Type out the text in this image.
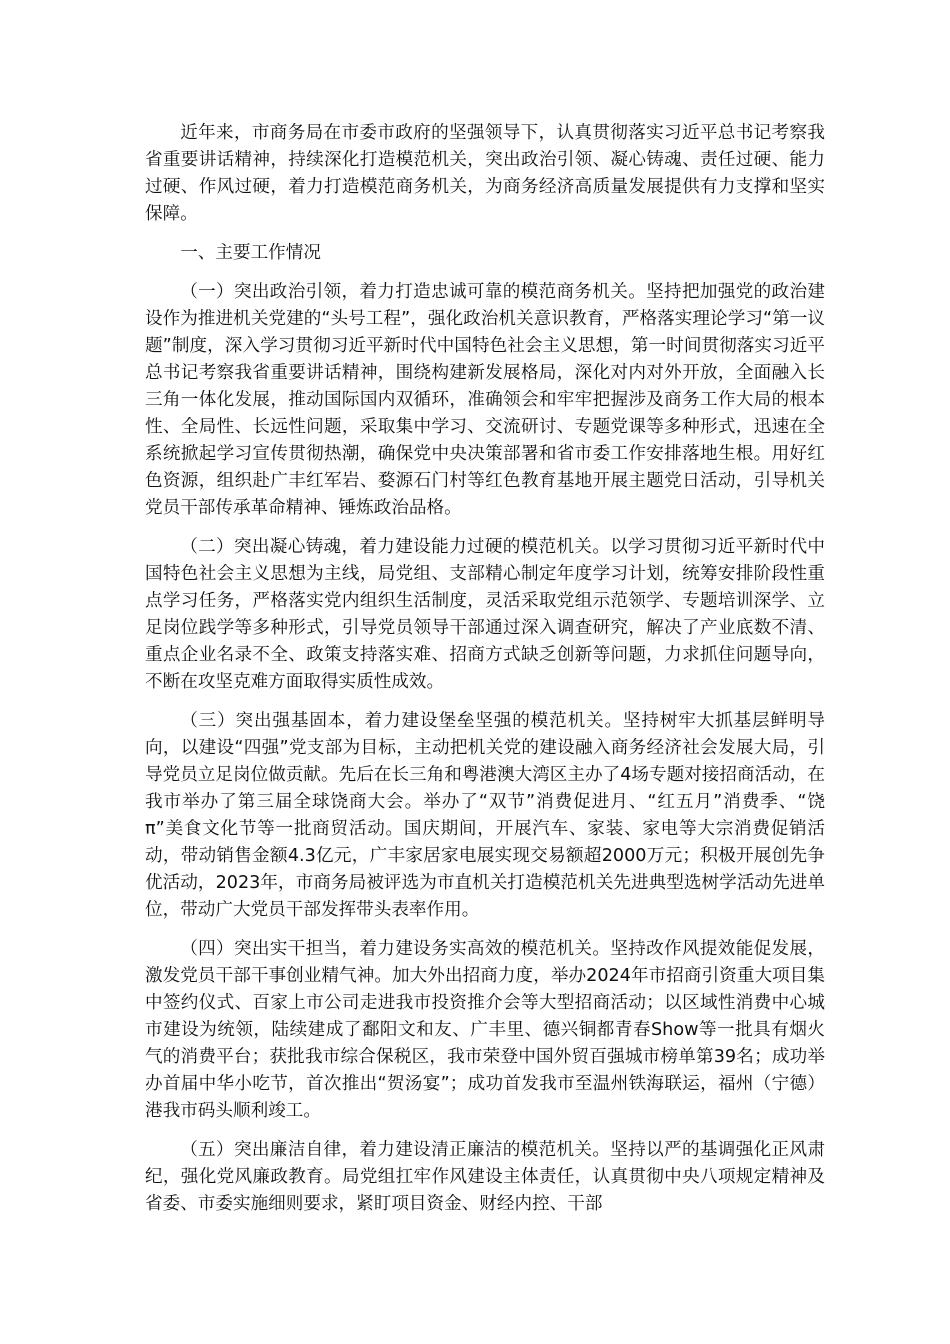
近年来，市商务局在市委市政府的坚强领导下，认真贯彻落实习近平总书记考察我省重要讲话精神，持续深化打造模范机关，突出政治引领、凝心铸魂、责任过硬、能力过硬、作风过硬，着力打造模范商务机关，为商务经济高质量发展提供有力支撑和坚实保障。

一、主要工作情况

（一）突出政治引领，着力打造忠诚可靠的模范商务机关。坚持把加强党的政治建设作为推进机关党建的“头号工程”，强化政治机关意识教育，严格落实理论学习“第一议题”制度，深入学习贯彻习近平新时代中国特色社会主义思想，第一时间贯彻落实习近平总书记考察我省重要讲话精神，围绕构建新发展格局，深化对内对外开放，全面融入长三角一体化发展，推动国际国内双循环，准确领会和牢牢把握涉及商务工作大局的根本性、全局性、长远性问题，采取集中学习、交流研讨、专题党课等多种形式，迅速在全系统掀起学习宣传贯彻热潮，确保党中央决策部署和省市委工作安排落地生根。用好红色资源，组织赴广丰红军岩、婺源石门村等红色教育基地开展主题党日活动，引导机关党员干部传承革命精神、锤炼政治品格。

（二）突出凝心铸魂，着力建设能力过硬的模范机关。以学习贯彻习近平新时代中国特色社会主义思想为主线，局党组、支部精心制定年度学习计划，统筹安排阶段性重点学习任务，严格落实党内组织生活制度，灵活采取党组示范领学、专题培训深学、立足岗位践学等多种形式，引导党员领导干部通过深入调查研究，解决了产业底数不清、重点企业名录不全、政策支持落实难、招商方式缺乏创新等问题，力求抓住问题导向，不断在攻坚克难方面取得实质性成效。

（三）突出强基固本，着力建设堡垒坚强的模范机关。坚持树牢大抓基层鲜明导向，以建设“四强”党支部为目标，主动把机关党的建设融入商务经济社会发展大局，引导党员立足岗位做贡献。先后在长三角和粤港澳大湾区主办了4场专题对接招商活动，在我市举办了第三届全球饶商大会。举办了“双节”消费促进月、“红五月”消费季、“饶π”美食文化节等一批商贸活动。国庆期间，开展汽车、家装、家电等大宗消费促销活动，带动销售金额4.3亿元，广丰家居家电展实现交易额超2000万元；积极开展创先争优活动，2023年，市商务局被评选为市直机关打造模范机关先进典型选树学活动先进单位，带动广大党员干部发挥带头表率作用。

（四）突出实干担当，着力建设务实高效的模范机关。坚持改作风提效能促发展，激发党员干部干事创业精气神。加大外出招商力度，举办2024年市招商引资重大项目集中签约仪式、百家上市公司走进我市投资推介会等大型招商活动；以区域性消费中心城市建设为统领，陆续建成了鄱阳文和友、广丰里、德兴铜都青春Show等一批具有烟火气的消费平台；获批我市综合保税区，我市荣登中国外贸百强城市榜单第39名；成功举办首届中华小吃节，首次推出“贺汤宴”；成功首发我市至温州铁海联运，福州（宁德）港我市码头顺利竣工。

（五）突出廉洁自律，着力建设清正廉洁的模范机关。坚持以严的基调强化正风肃纪，强化党风廉政教育。局党组扛牢作风建设主体责任，认真贯彻中央八项规定精神及省委、市委实施细则要求，紧盯项目资金、财经内控、干部
